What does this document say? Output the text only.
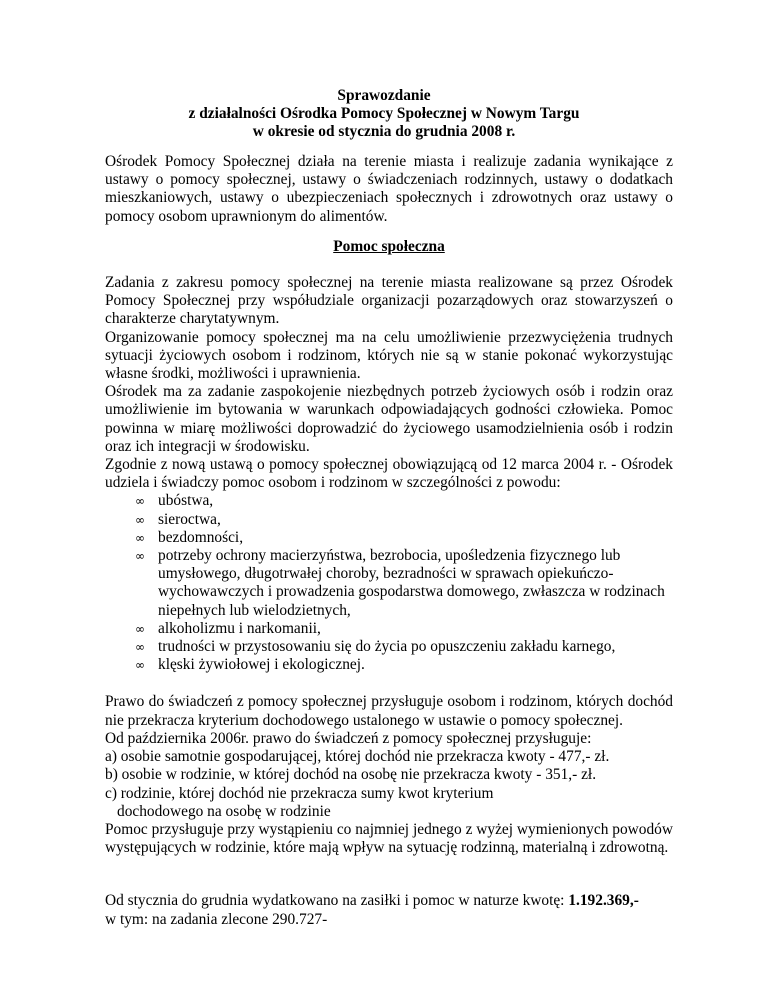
Sprawozdanie
z działalności Ośrodka Pomocy Społecznej w Nowym Targu
w okresie od stycznia do grudnia 2008 r.

Ośrodek Pomocy Społecznej działa na terenie miasta i realizuje zadania wynikające z ustawy o pomocy społecznej, ustawy o świadczeniach rodzinnych, ustawy o dodatkach mieszkaniowych, ustawy o ubezpieczeniach społecznych i zdrowotnych oraz ustawy o pomocy osobom uprawnionym do alimentów.

Pomoc społeczna

Zadania z zakresu pomocy społecznej na terenie miasta realizowane są przez Ośrodek Pomocy Społecznej przy współudziale organizacji pozarządowych oraz stowarzyszeń o charakterze charytatywnym.

Organizowanie pomocy społecznej ma na celu umożliwienie przezwyciężenia trudnych sytuacji życiowych osobom i rodzinom, których nie są w stanie pokonać wykorzystując własne środki, możliwości i uprawnienia.

Ośrodek ma za zadanie zaspokojenie niezbędnych potrzeb życiowych osób i rodzin oraz umożliwienie im bytowania w warunkach odpowiadających godności człowieka. Pomoc powinna w miarę możliwości doprowadzić do życiowego usamodzielnienia osób i rodzin oraz ich integracji w środowisku.

Zgodnie z nową ustawą o pomocy społecznej obowiązującą od 12 marca 2004 r. - Ośrodek udziela i świadczy pomoc osobom i rodzinom w szczególności z powodu:

∞ ubóstwa,
∞ sieroctwa,
∞ bezdomności,
∞ potrzeby ochrony macierzyństwa, bezrobocia, upośledzenia fizycznego lub umysłowego, długotrwałej choroby, bezradności w sprawach opiekuńczo-wychowawczych i prowadzenia gospodarstwa domowego, zwłaszcza w rodzinach niepełnych lub wielodzietnych,
∞ alkoholizmu i narkomanii,
∞ trudności w przystosowaniu się do życia po opuszczeniu zakładu karnego,
∞ klęski żywiołowej i ekologicznej.

Prawo do świadczeń z pomocy społecznej przysługuje osobom i rodzinom, których dochód nie przekracza kryterium dochodowego ustalonego w ustawie o pomocy społecznej.

Od października 2006r. prawo do świadczeń z pomocy społecznej przysługuje:

a) osobie samotnie gospodarującej, której dochód nie przekracza kwoty - 477,- zł.

b) osobie w rodzinie, w której dochód na osobę nie przekracza kwoty - 351,- zł.

c) rodzinie, której dochód nie przekracza sumy kwot kryterium

dochodowego na osobę w rodzinie

Pomoc przysługuje przy wystąpieniu co najmniej jednego z wyżej wymienionych powodów występujących w rodzinie, które mają wpływ na sytuację rodzinną, materialną i zdrowotną.

Od stycznia do grudnia wydatkowano na zasiłki i pomoc w naturze kwotę: 1.192.369,-

w tym: na zadania zlecone 290.727-
